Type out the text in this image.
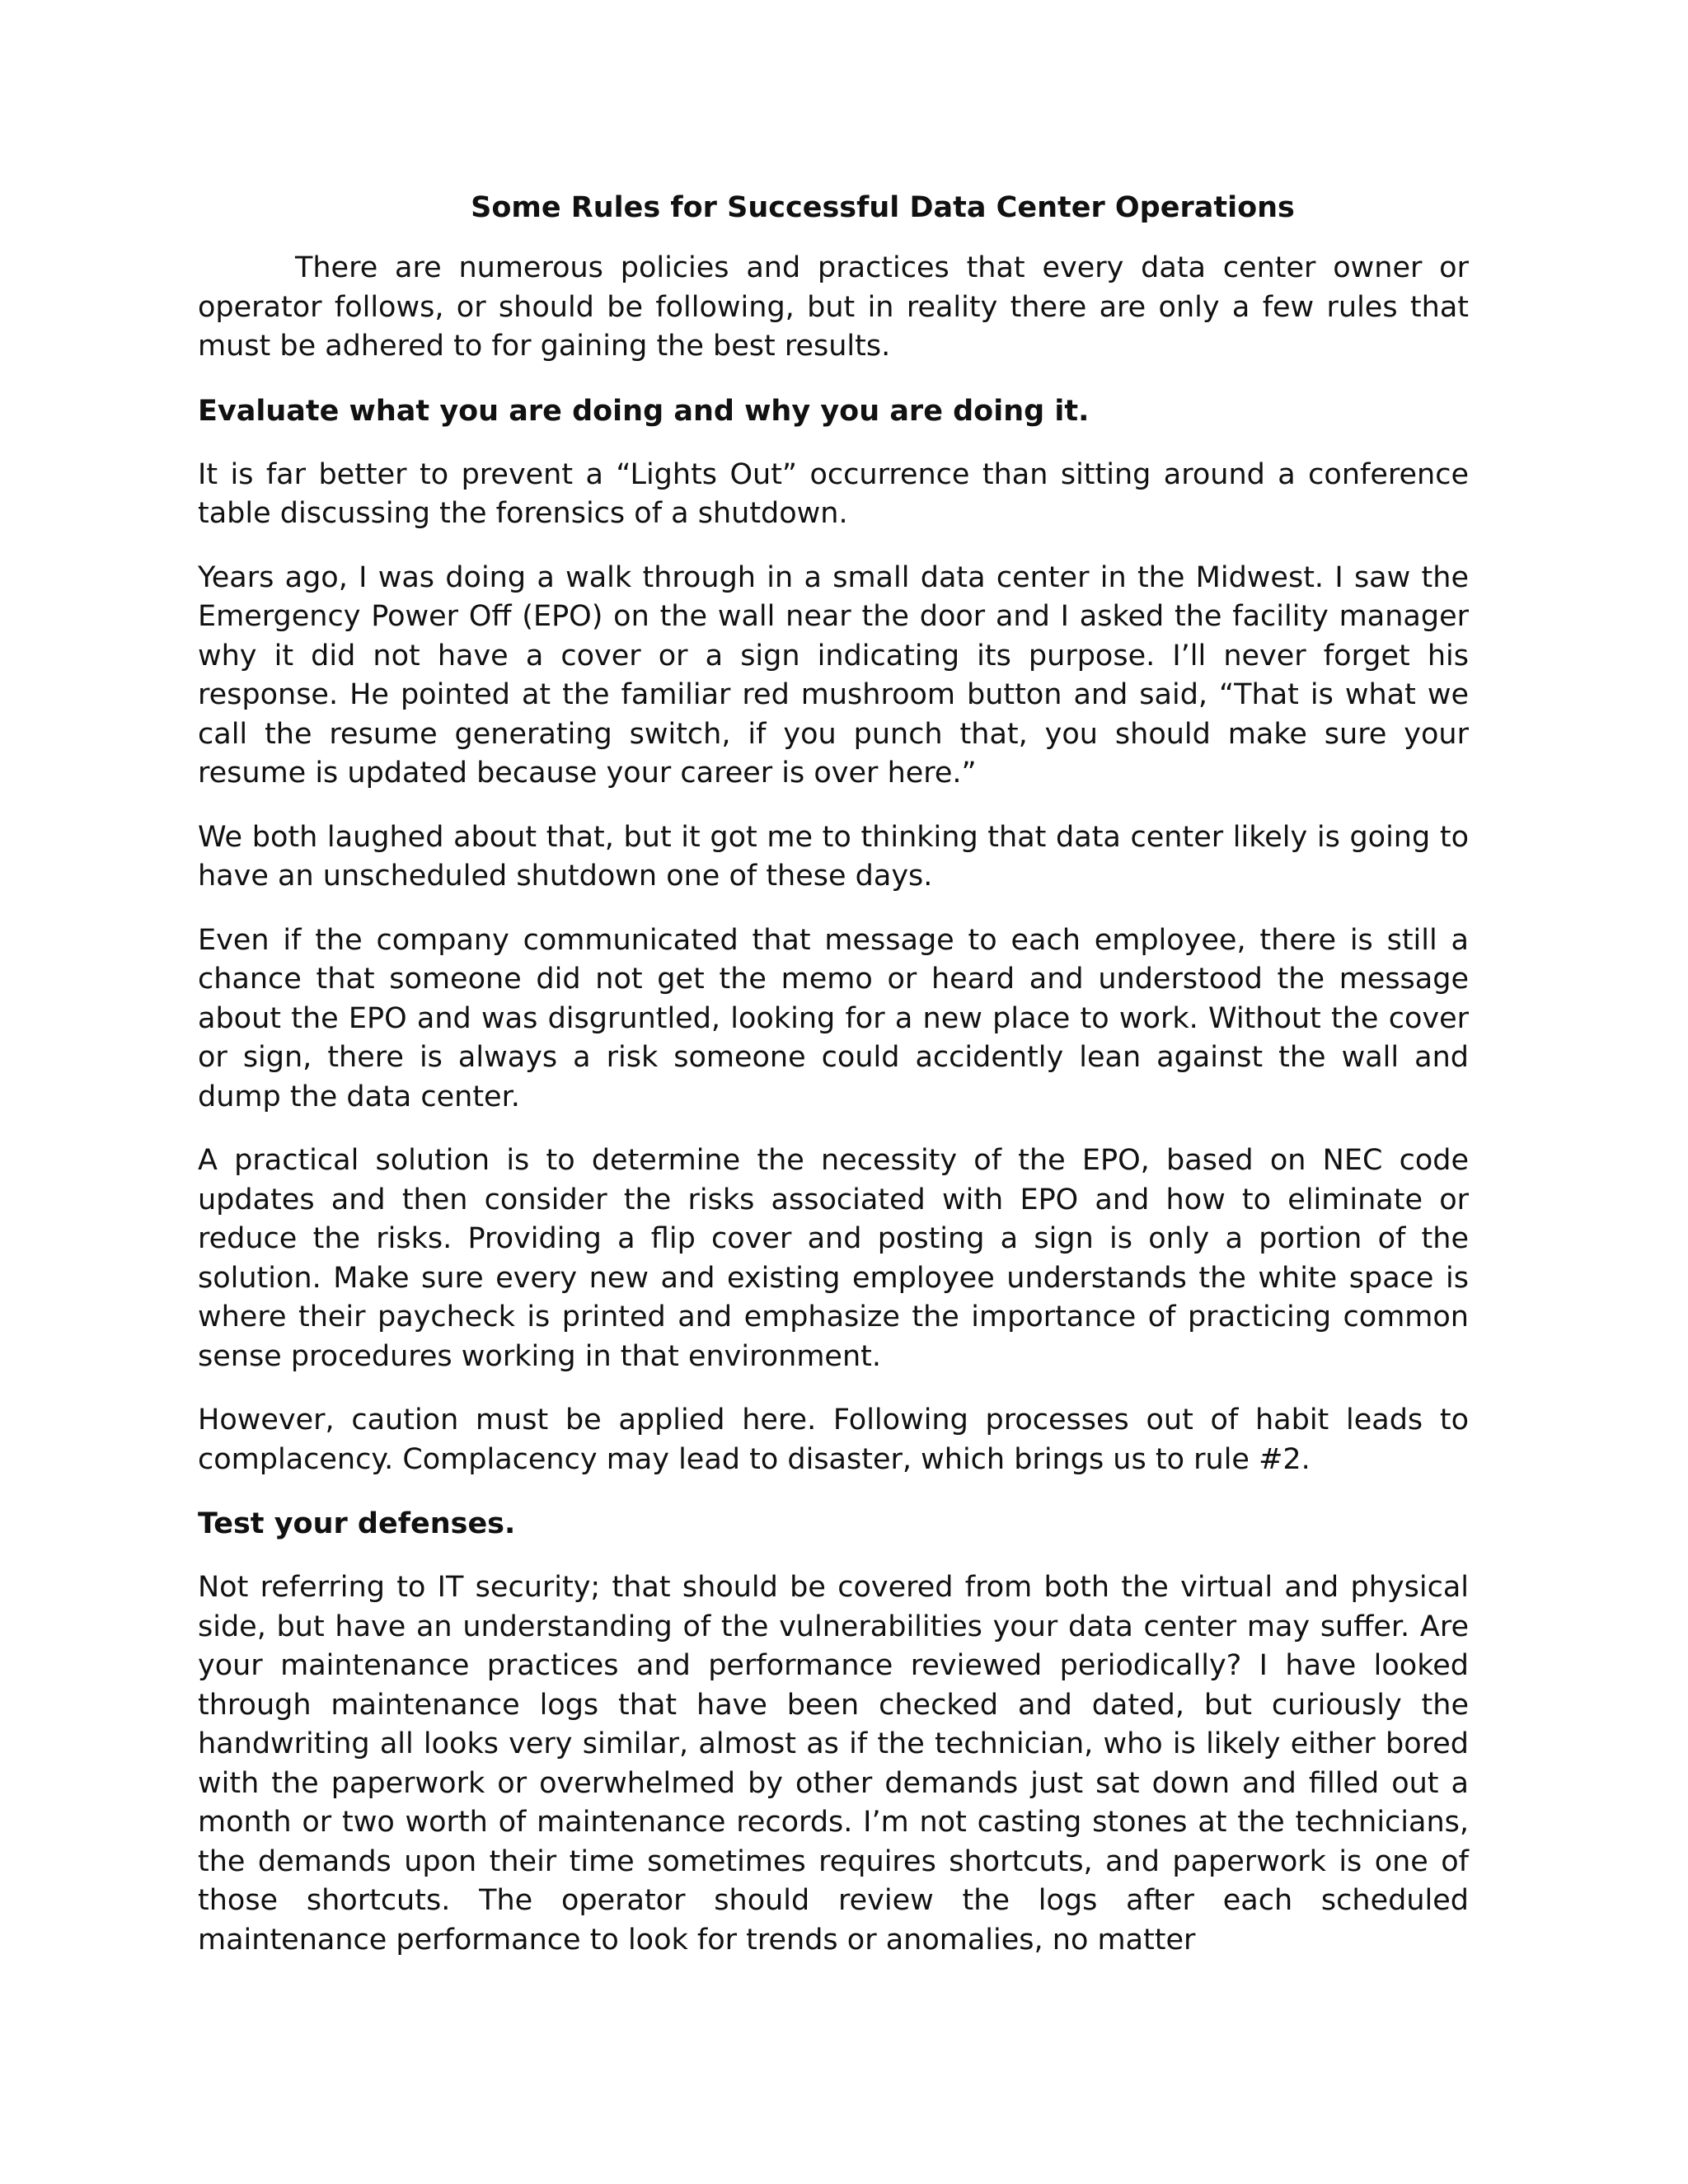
Some Rules for Successful Data Center Operations

There are numerous policies and practices that every data center owner or operator follows, or should be following, but in reality there are only a few rules that must be adhered to for gaining the best results.

Evaluate what you are doing and why you are doing it.

It is far better to prevent a “Lights Out” occurrence than sitting around a conference table discussing the forensics of a shutdown.

Years ago, I was doing a walk through in a small data center in the Midwest. I saw the Emergency Power Off (EPO) on the wall near the door and I asked the facility manager why it did not have a cover or a sign indicating its purpose. I’ll never forget his response. He pointed at the familiar red mushroom button and said, “That is what we call the resume generating switch, if you punch that, you should make sure your resume is updated because your career is over here.”

We both laughed about that, but it got me to thinking that data center likely is going to have an unscheduled shutdown one of these days.

Even if the company communicated that message to each employee, there is still a chance that someone did not get the memo or heard and understood the message about the EPO and was disgruntled, looking for a new place to work. Without the cover or sign, there is always a risk someone could accidently lean against the wall and dump the data center.

A practical solution is to determine the necessity of the EPO, based on NEC code updates and then consider the risks associated with EPO and how to eliminate or reduce the risks. Providing a flip cover and posting a sign is only a portion of the solution. Make sure every new and existing employee understands the white space is where their paycheck is printed and emphasize the importance of practicing common sense procedures working in that environment.

However, caution must be applied here. Following processes out of habit leads to complacency. Complacency may lead to disaster, which brings us to rule #2.

Test your defenses.

Not referring to IT security; that should be covered from both the virtual and physical side, but have an understanding of the vulnerabilities your data center may suffer. Are your maintenance practices and performance reviewed periodically? I have looked through maintenance logs that have been checked and dated, but curiously the handwriting all looks very similar, almost as if the technician, who is likely either bored with the paperwork or overwhelmed by other demands just sat down and filled out a month or two worth of maintenance records. I’m not casting stones at the technicians, the demands upon their time sometimes requires shortcuts, and paperwork is one of those shortcuts. The operator should review the logs after each scheduled maintenance performance to look for trends or anomalies, no matter
